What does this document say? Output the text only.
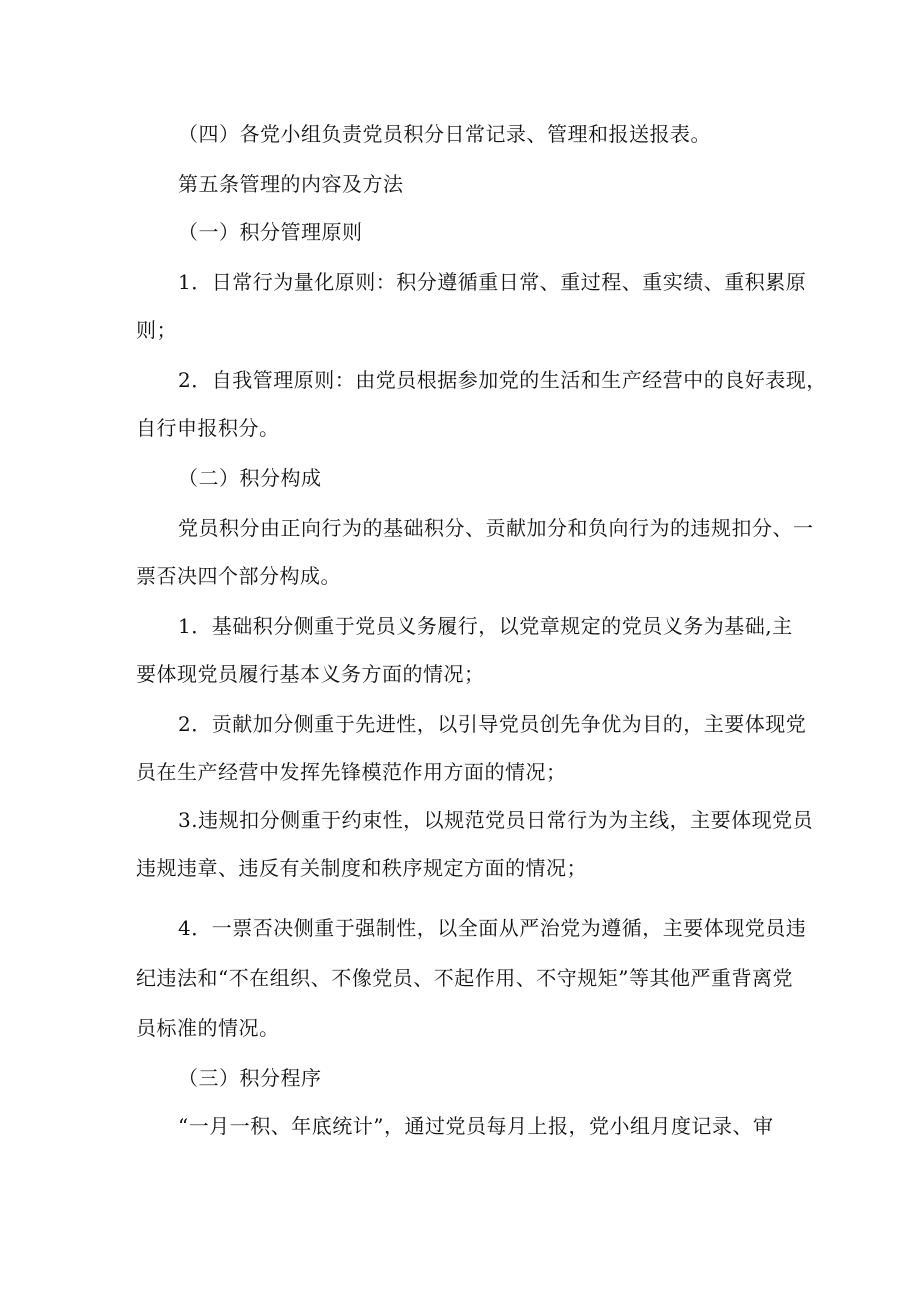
（四）各党小组负责党员积分日常记录、管理和报送报表。

第五条管理的内容及方法

（一）积分管理原则

1．日常行为量化原则：积分遵循重日常、重过程、重实绩、重积累原

则；

2．自我管理原则：由党员根据参加党的生活和生产经营中的良好表现，

自行申报积分。

（二）积分构成

党员积分由正向行为的基础积分、贡献加分和负向行为的违规扣分、一

票否决四个部分构成。

1．基础积分侧重于党员义务履行，以党章规定的党员义务为基础,主

要体现党员履行基本义务方面的情况；

2．贡献加分侧重于先进性，以引导党员创先争优为目的，主要体现党

员在生产经营中发挥先锋模范作用方面的情况；

3.违规扣分侧重于约束性，以规范党员日常行为为主线，主要体现党员

违规违章、违反有关制度和秩序规定方面的情况；

4．一票否决侧重于强制性，以全面从严治党为遵循，主要体现党员违

纪违法和“不在组织、不像党员、不起作用、不守规矩”等其他严重背离党

员标准的情况。

（三）积分程序

“一月一积、年底统计”，通过党员每月上报，党小组月度记录、审
